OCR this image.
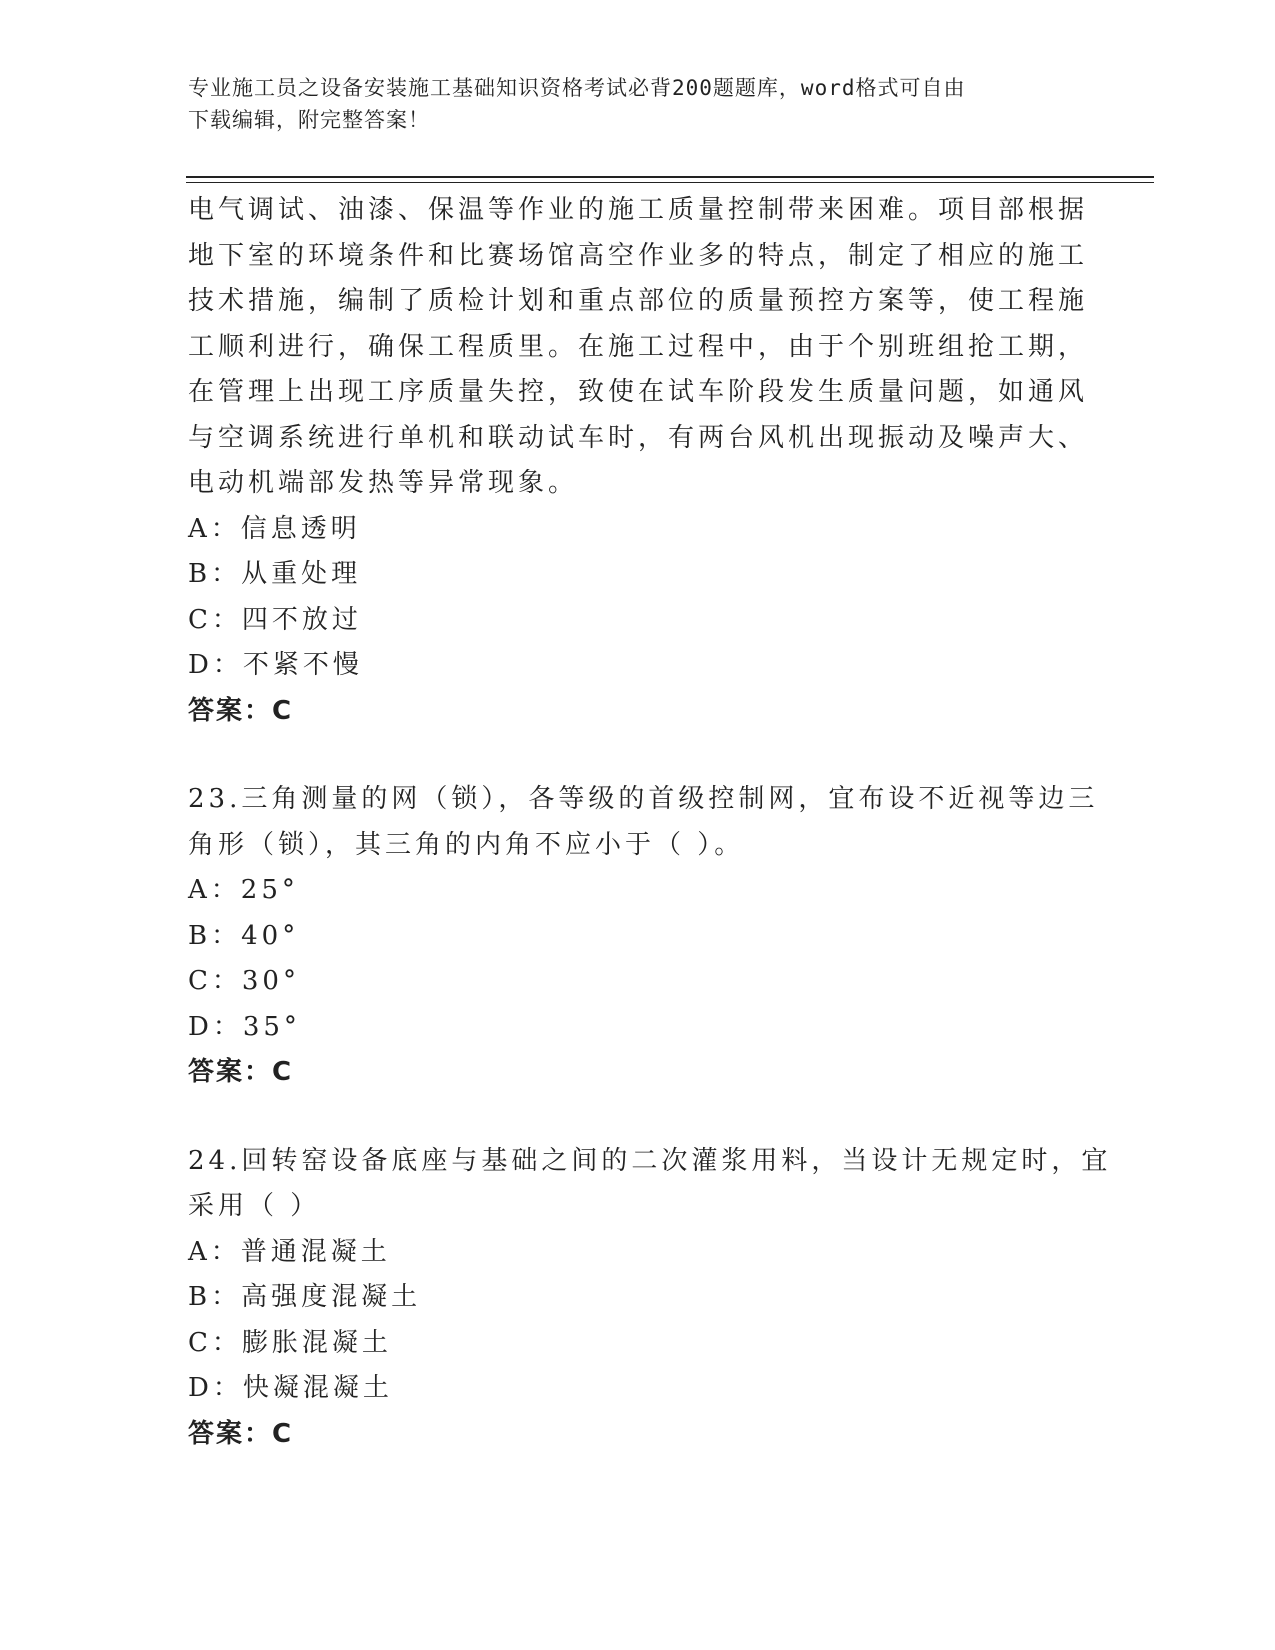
专业施工员之设备安装施工基础知识资格考试必背200题题库，word格式可自由
下载编辑，附完整答案！
电气调试、油漆、保温等作业的施工质量控制带来困难。项目部根据
地下室的环境条件和比赛场馆高空作业多的特点，制定了相应的施工
技术措施，编制了质检计划和重点部位的质量预控方案等，使工程施
工顺利进行，确保工程质里。在施工过程中，由于个别班组抢工期，
在管理上出现工序质量失控，致使在试车阶段发生质量问题，如通风
与空调系统进行单机和联动试车时，有两台风机出现振动及噪声大、
电动机端部发热等异常现象。
A：信息透明
B：从重处理
C：四不放过
D：不紧不慢
答案：C
23.三角测量的网（锁），各等级的首级控制网，宜布设不近视等边三
角形（锁），其三角的内角不应小于（ ）。
A：25°
B：40°
C：30°
D：35°
答案：C
24.回转窑设备底座与基础之间的二次灌浆用料，当设计无规定时，宜
采用（ ）
A：普通混凝土
B：高强度混凝土
C：膨胀混凝土
D：快凝混凝土
答案：C
